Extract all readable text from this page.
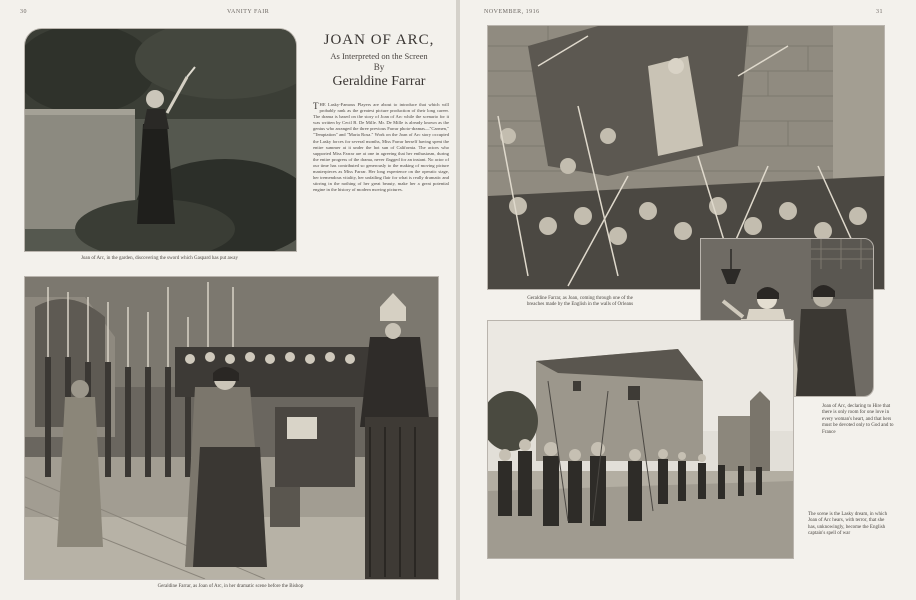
30	VANITY FAIR	NOVEMBER, 1916	31
Joan of Arc, in the garden, discovering the sword which Gaspard has put away
JOAN OF ARC,
As Interpreted on the Screen
By
Geraldine Farrar
THE Lasky-Famous Players are about to introduce that which will probably rank as the greatest picture production of their long career. The drama is based on the story of Joan of Arc while the scenario for it was written by Cecil B. De Mille. Mr. De Mille is already known as the genius who arranged the three previous Farrar photo-dramas—"Carmen," "Temptation" and "Maria Rosa." Work on the Joan of Arc story occupied the Lasky forces for several months, Miss Farrar herself having spent the entire summer at it under the hot sun of California. The actors who supported Miss Farrar are at one in agreeing that her enthusiasm, during the entire progress of the drama, never flagged for an instant. No actor of our time has contributed so generously to the making of moving picture masterpieces as Miss Farrar. Her long experience on the operatic stage, her tremendous vitality, her unfailing flair for what is really dramatic and stirring in the nothing of her great beauty, make her a great potential engine in the history of modern moving pictures.
Geraldine Farrar, as Joan of Arc, in her dramatic scene before the Bishop
Geraldine Farrar, as Joan, coming through one of the breaches made by the English in the walls of Orleans
Joan of Arc, declaring to Hire that there is only room for one love in every woman's heart, and that hers must be devoted only to God and to France
The scene is the Lasky dream, in which Joan of Arc hears, with terror, that she has, unknowingly, become the English captain's spell of war
